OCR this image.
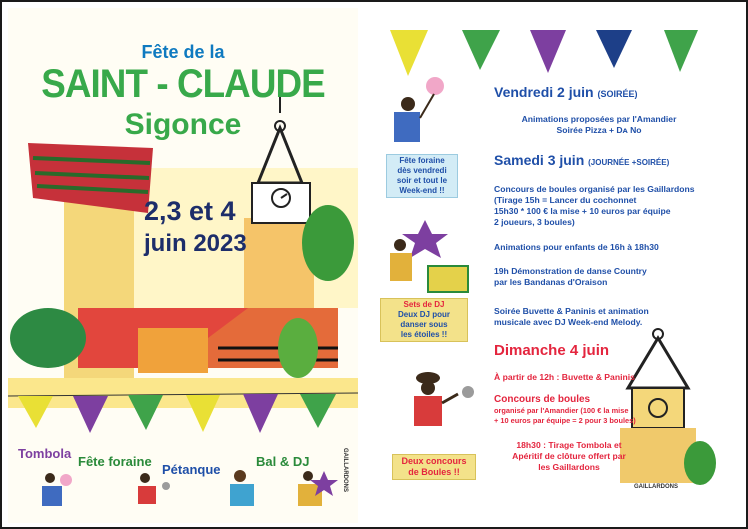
Fête de la
SAINT - CLAUDE
Sigonce
2,3 et 4
juin 2023
Tombola
Fête foraine
Pétanque
Bal & DJ	GAILLARDONS
Fête foraine
dès vendredi
soir et tout le
Week-end !!
Sets de DJ
Deux DJ pour
danser sous
les étoiles !!
Deux concours
de Boules !!
Vendredi 2 juin (SOIRÉE)
Animations proposées par l'Amandier
Soirée Pizza + Dᴀ No
Samedi 3 juin (JOURNÉE +SOIRÉE)
Concours de boules organisé par les Gaillardons
(Tirage 15h = Lancer du cochonnet
15h30 * 100 € la mise + 10 euros par équipe
2 joueurs, 3 boules)
Animations pour enfants de 16h à 18h30
19h Démonstration de danse Country
par les Bandanas d'Oraison
Soirée Buvette & Paninis et animation
musicale avec DJ Week-end Melody.
Dimanche 4 juin
À partir de 12h : Buvette & Paninis
Concours de boules
organisé par l'Amandier (100 € la mise
+ 10 euros par équipe = 2 pour 3 boules)
18h30 : Tirage Tombola et
Apéritif de clôture offert par
les Gaillardons
GAILLARDONS
